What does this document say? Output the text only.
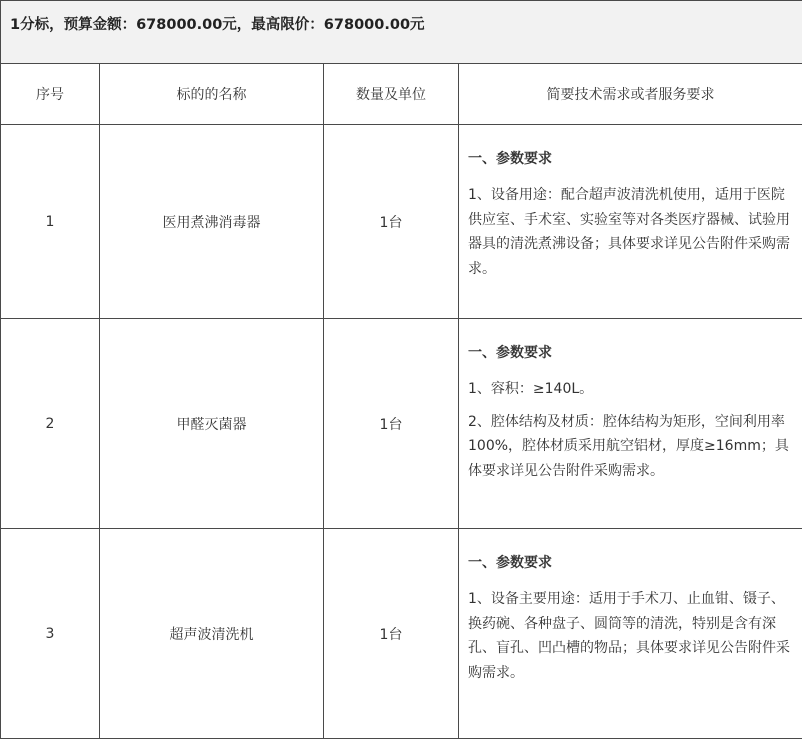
1分标，预算金额：678000.00元，最高限价：678000.00元			

序号	标的的名称	数量及单位	简要技术需求或者服务要求
1	医用煮沸消毒器	1台	一、参数要求
1、设备用途：配合超声波清洗机使用，适用于医院供应室、手术室、实验室等对各类医疗器械、试验用器具的清洗煮沸设备；具体要求详见公告附件采购需求。

2	甲醛灭菌器	1台	一、参数要求
1、容积：≥140L。
2、腔体结构及材质：腔体结构为矩形，空间利用率100%，腔体材质采用航空铝材，厚度≥16mm；具体要求详见公告附件采购需求。

3	超声波清洗机	1台	一、参数要求
1、设备主要用途：适用于手术刀、止血钳、镊子、换药碗、各种盘子、圆筒等的清洗，特别是含有深孔、盲孔、凹凸槽的物品；具体要求详见公告附件采购需求。
